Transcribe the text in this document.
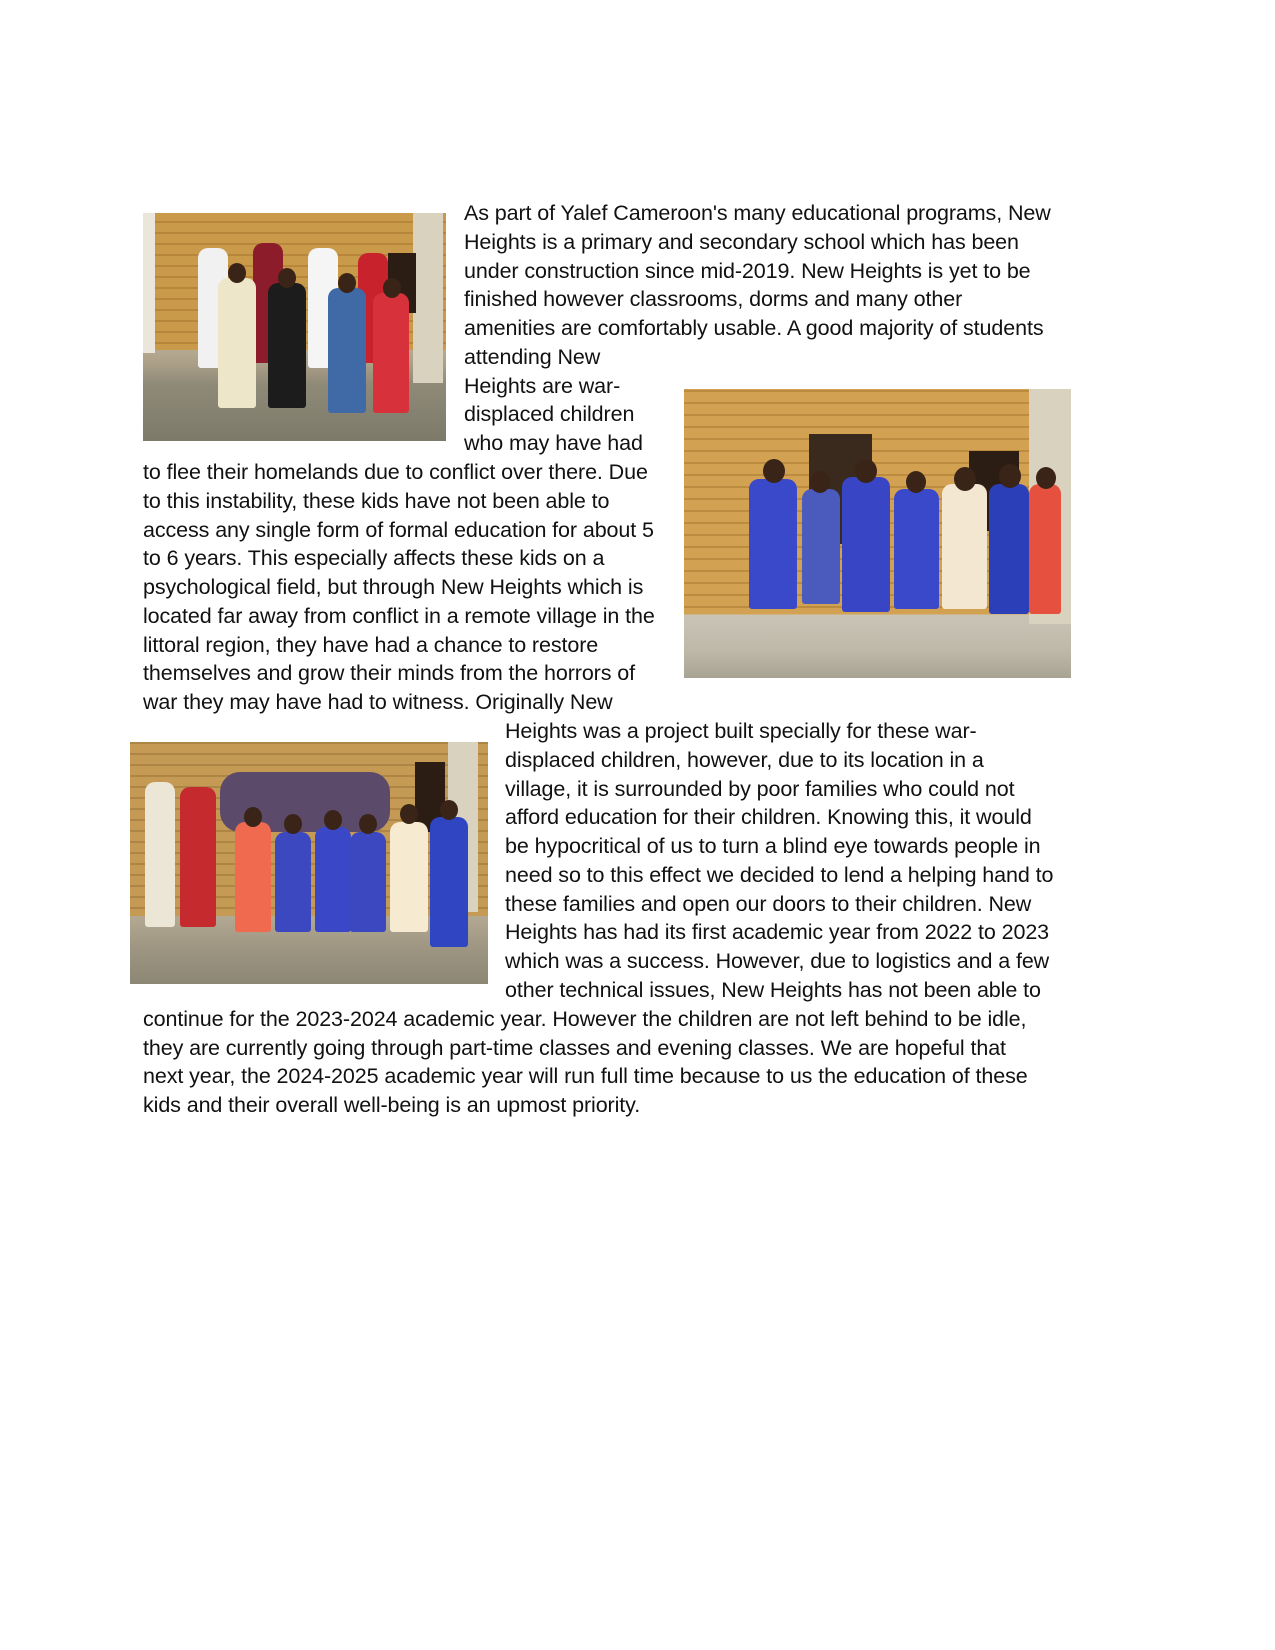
As part of Yalef Cameroon's many educational programs, New
Heights is a primary and secondary school which has been
under construction since mid-2019. New Heights is yet to be
finished however classrooms, dorms and many other
amenities are comfortably usable. A good majority of students
attending New
Heights are war-
displaced children
who may have had
to flee their homelands due to conflict over there. Due
to this instability, these kids have not been able to
access any single form of formal education for about 5
to 6 years. This especially affects these kids on a
psychological field, but through New Heights which is
located far away from conflict in a remote village in the
littoral region, they have had a chance to restore
themselves and grow their minds from the horrors of
war they may have had to witness. Originally New
Heights was a project built specially for these war-
displaced children, however, due to its location in a
village, it is surrounded by poor families who could not
afford education for their children. Knowing this, it would
be hypocritical of us to turn a blind eye towards people in
need so to this effect we decided to lend a helping hand to
these families and open our doors to their children. New
Heights has had its first academic year from 2022 to 2023
which was a success. However, due to logistics and a few
other technical issues, New Heights has not been able to
continue for the 2023-2024 academic year. However the children are not left behind to be idle,
they are currently going through part-time classes and evening classes. We are hopeful that
next year, the 2024-2025 academic year will run full time because to us the education of these
kids and their overall well-being is an upmost priority.
